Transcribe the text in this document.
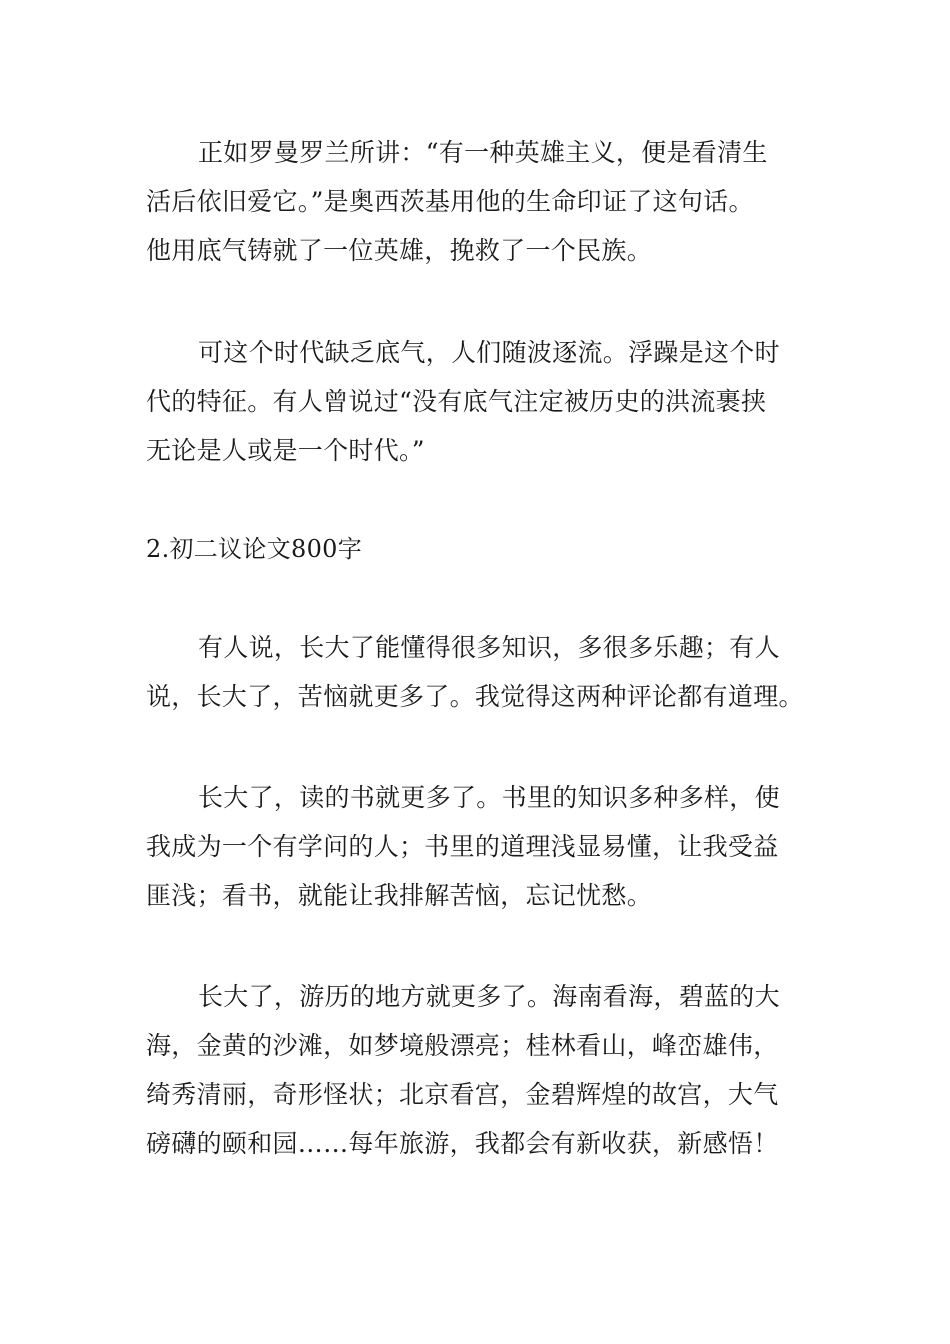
正如罗曼罗兰所讲：“有一种英雄主义，便是看清生
活后依旧爱它。”是奥西茨基用他的生命印证了这句话。
他用底气铸就了一位英雄，挽救了一个民族。

可这个时代缺乏底气，人们随波逐流。浮躁是这个时
代的特征。有人曾说过“没有底气注定被历史的洪流裹挟
无论是人或是一个时代。”

2.初二议论文800字

有人说，长大了能懂得很多知识，多很多乐趣；有人
说，长大了，苦恼就更多了。我觉得这两种评论都有道理。

长大了，读的书就更多了。书里的知识多种多样，使
我成为一个有学问的人；书里的道理浅显易懂，让我受益
匪浅；看书，就能让我排解苦恼，忘记忧愁。

长大了，游历的地方就更多了。海南看海，碧蓝的大
海，金黄的沙滩，如梦境般漂亮；桂林看山，峰峦雄伟，
绮秀清丽，奇形怪状；北京看宫，金碧辉煌的故宫，大气
磅礴的颐和园……每年旅游，我都会有新收获，新感悟！
